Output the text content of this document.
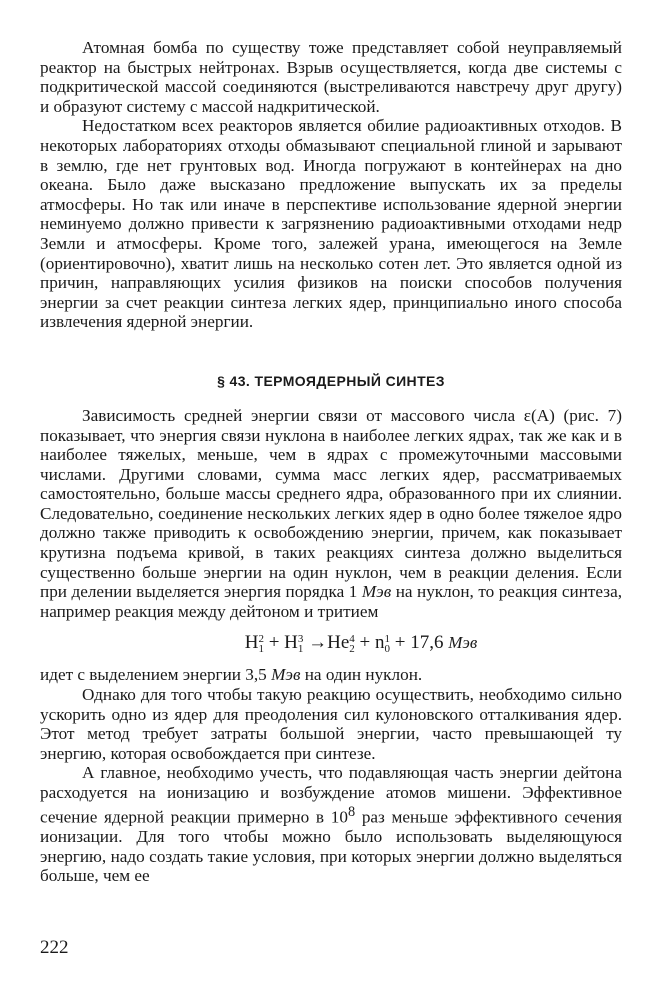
Атомная бомба по существу тоже представляет собой неуправляемый реактор на быстрых нейтронах. Взрыв осуществляется, когда две системы с подкритической массой соединяются (выстреливаются навстречу друг другу) и образуют систему с массой надкритической.

Недостатком всех реакторов является обилие радиоактивных отходов. В некоторых лабораториях отходы обмазывают специальной глиной и зарывают в землю, где нет грунтовых вод. Иногда погружают в контейнерах на дно океана. Было даже высказано предложение выпускать их за пределы атмосферы. Но так или иначе в перспективе использование ядерной энергии неминуемо должно привести к загрязнению радиоактивными отходами недр Земли и атмосферы. Кроме того, залежей урана, имеющегося на Земле (ориентировочно), хватит лишь на несколько сотен лет. Это является одной из причин, направляющих усилия физиков на поиски способов получения энергии за счет реакции синтеза легких ядер, принципиально иного способа извлечения ядерной энергии.

§ 43. ТЕРМОЯДЕРНЫЙ СИНТЕЗ

Зависимость средней энергии связи от массового числа ε(A) (рис. 7) показывает, что энергия связи нуклона в наиболее легких ядрах, так же как и в наиболее тяжелых, меньше, чем в ядрах с промежуточными массовыми числами. Другими словами, сумма масс легких ядер, рассматриваемых самостоятельно, больше массы среднего ядра, образованного при их слиянии. Следовательно, соединение нескольких легких ядер в одно более тяжелое ядро должно также приводить к освобождению энергии, причем, как показывает крутизна подъема кривой, в таких реакциях синтеза должно выделиться существенно больше энергии на один нуклон, чем в реакции деления. Если при делении выделяется энергия порядка 1 Мэв на нуклон, то реакция синтеза, например реакция между дейтоном и тритием

H 2
1 + H 3
1 →He 4
2 + n 1
0 + 17,6 Мэв

идет с выделением энергии 3,5 Мэв на один нуклон.

Однако для того чтобы такую реакцию осуществить, необходимо сильно ускорить одно из ядер для преодоления сил кулоновского отталкивания ядер. Этот метод требует затраты большой энергии, часто превышающей ту энергию, которая освобождается при синтезе.

А главное, необходимо учесть, что подавляющая часть энергии дейтона расходуется на ионизацию и возбуждение атомов мишени. Эффективное сечение ядерной реакции примерно в $10^8$ раз меньше эффективного сечения ионизации. Для того чтобы можно было использовать выделяющуюся энергию, надо создать такие условия, при которых энергии должно выделяться больше, чем ее

222
